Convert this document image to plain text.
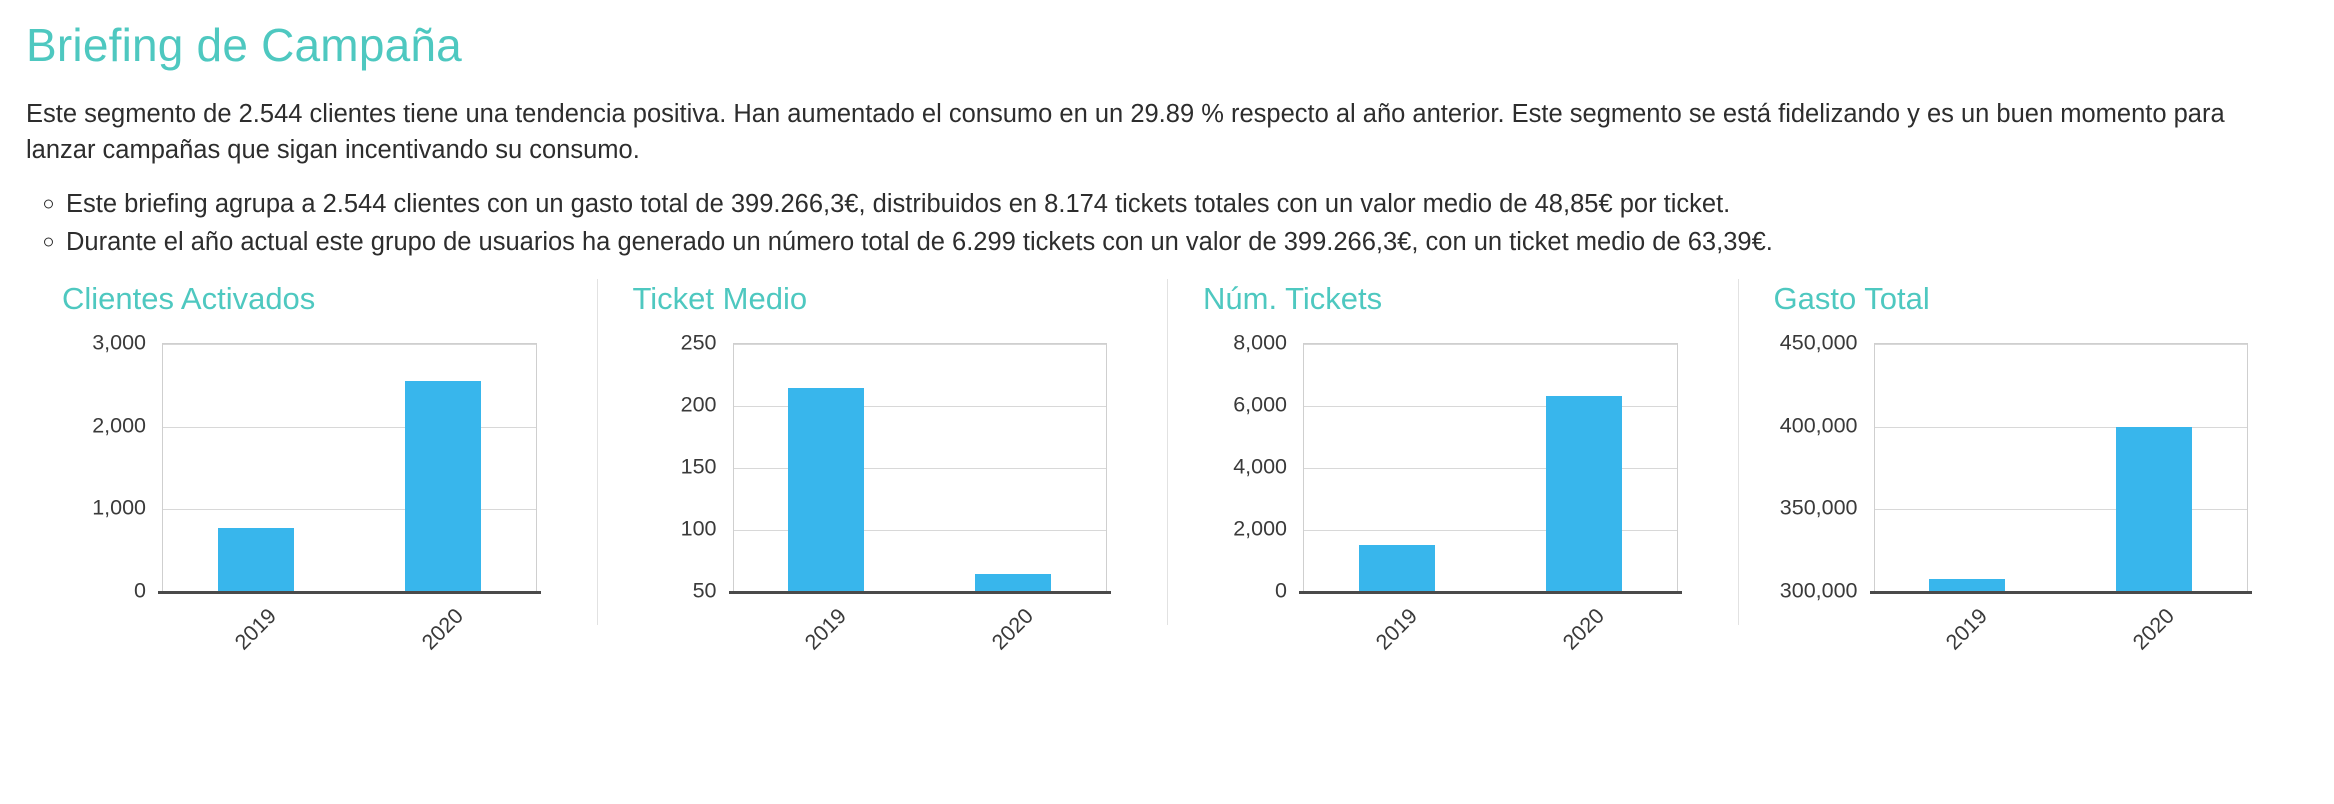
Briefing de Campaña

Este segmento de 2.544 clientes tiene una tendencia positiva. Han aumentado el consumo en un 29.89 % respecto al año anterior. Este segmento se está fidelizando y es un buen momento para lanzar campañas que sigan incentivando su consumo.

Este briefing agrupa a 2.544 clientes con un gasto total de 399.266,3€, distribuidos en 8.174 tickets totales con un valor medio de 48,85€ por ticket.
Durante el año actual este grupo de usuarios ha generado un número total de 6.299 tickets con un valor de 399.266,3€, con un ticket medio de 63,39€.
Clientes Activados
0
1,000
2,000
3,000
2019	2020
Ticket Medio
50
100
150
200
250
2019	2020
Núm. Tickets
0
2,000
4,000
6,000
8,000
2019	2020
Gasto Total
300,000
350,000
400,000
450,000
2019	2020
